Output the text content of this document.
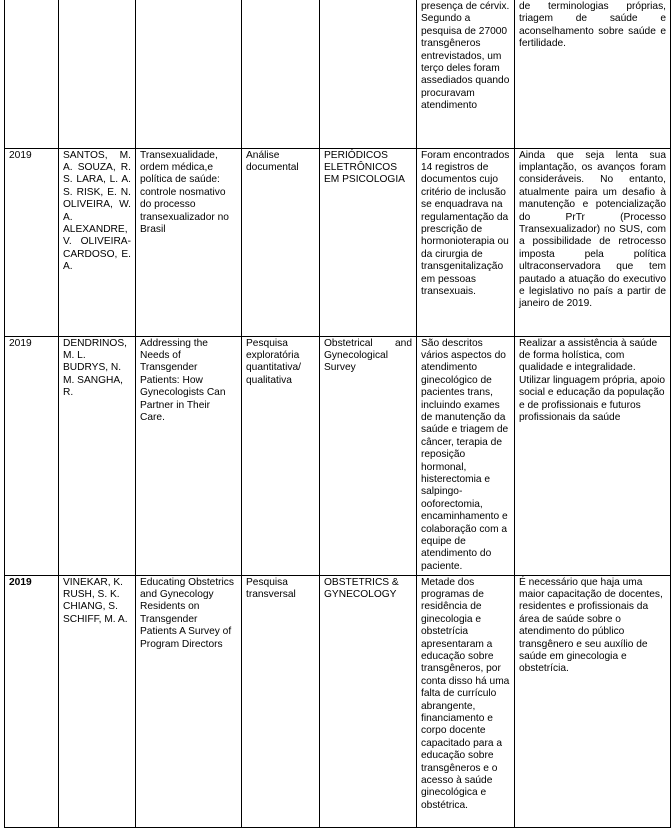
					presença de cérvix. Segundo a pesquisa de 27000 transgêneros entrevistados, um terço deles foram assediados quando procuravam atendimento	de terminologias próprias, triagem de saúde e aconselhamento sobre saúde e fertilidade.
2019	SANTOS, M. A. SOUZA, R. S. LARA, L. A. S. RISK, E. N. OLIVEIRA, W. A. ALEXANDRE, V. OLIVEIRA-CARDOSO, E. A.	Transexualidade, ordem médica,e política de saúde: controle nosmativo do processo transexualizador no Brasil	Análise documental	PERIÓDICOS ELETRÔNICOS EM PSICOLOGIA	Foram encontrados 14 registros de documentos cujo critério de inclusão se enquadrava na regulamentação da prescrição de hormonioterapia ou da cirurgia de transgenitalização em pessoas transexuais.	Ainda que seja lenta sua implantação, os avanços foram consideráveis. No entanto, atualmente paira um desafio à manutenção e potencialização do PrTr (Processo Transexualizador) no SUS, com a possibilidade de retrocesso imposta pela política ultraconservadora que tem pautado a atuação do executivo e legislativo no país a partir de janeiro de 2019.
2019	DENDRINOS, M. L. BUDRYS, N. M. SANGHA, R.	Addressing the Needs of Transgender Patients: How Gynecologists Can Partner in Their Care.	Pesquisa exploratória quantitativa/ qualitativa	Obstetrical and Gynecological Survey	São descritos vários aspectos do atendimento ginecológico de pacientes trans, incluindo exames de manutenção da saúde e triagem de câncer, terapia de reposição hormonal, histerectomia e salpingo-ooforectomia, encaminhamento e colaboração com a equipe de atendimento do paciente.	Realizar a assistência à saúde de forma holística, com qualidade e integralidade. Utilizar linguagem própria, apoio social e educação da população e de profissionais e futuros profissionais da saúde
2019	VINEKAR, K. RUSH, S. K. CHIANG, S. SCHIFF, M. A.	Educating Obstetrics and Gynecology Residents on Transgender Patients A Survey of Program Directors	Pesquisa transversal	OBSTETRICS & GYNECOLOGY	Metade dos programas de residência de ginecologia e obstetrícia apresentaram a educação sobre transgêneros, por conta disso há uma falta de currículo abrangente, financiamento e corpo docente capacitado para a educação sobre transgêneros e o acesso à saúde ginecológica e obstétrica.	É necessário que haja uma maior capacitação de docentes, residentes e profissionais da área de saúde sobre o atendimento do público transgênero e seu auxílio de saúde em ginecologia e obstetrícia.
